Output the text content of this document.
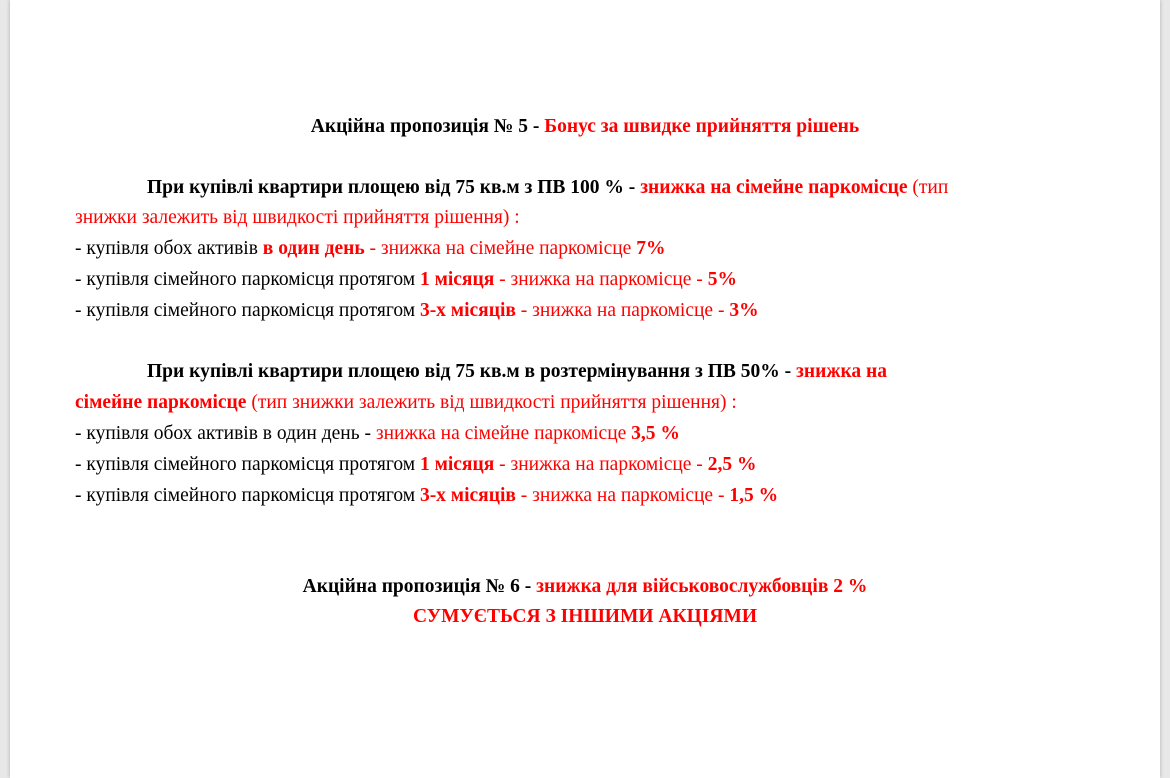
Акційна пропозиція № 5 - Бонус за швидке прийняття рішень
При купівлі квартири площею від 75 кв.м з ПВ 100 % - знижка на сімейне паркомісце (тип
знижки залежить від швидкості прийняття рішення) :
- купівля обох активів в один день - знижка на сімейне паркомісце 7%
- купівля сімейного паркомісця протягом 1 місяця - знижка на паркомісце - 5%
- купівля сімейного паркомісця протягом 3-х місяців - знижка на паркомісце - 3%
При купівлі квартири площею від 75 кв.м в розтермінування з ПВ 50% - знижка на
сімейне паркомісце (тип знижки залежить від швидкості прийняття рішення) :
- купівля обох активів в один день - знижка на сімейне паркомісце 3,5 %
- купівля сімейного паркомісця протягом 1 місяця - знижка на паркомісце - 2,5 %
- купівля сімейного паркомісця протягом 3-х місяців - знижка на паркомісце - 1,5 %
Акційна пропозиція № 6 - знижка для військовослужбовців 2 %
СУМУЄТЬСЯ З ІНШИМИ АКЦІЯМИ
